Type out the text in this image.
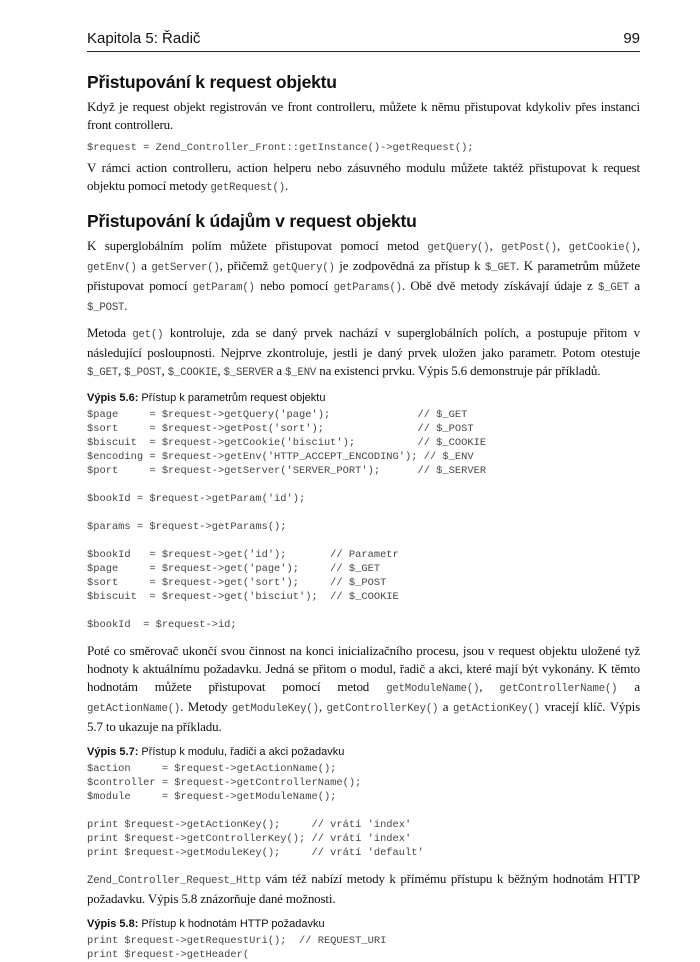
Kapitola 5: Řadič	99
Přistupování k request objektu

Když je request objekt registrován ve front controlleru, můžete k němu přistupovat kdykoliv přes instanci front controlleru.

$request = Zend_Controller_Front::getInstance()->getRequest();

V rámci action controlleru, action helperu nebo zásuvného modulu můžete taktéž přistupovat k request objektu pomocí metody getRequest().

Přistupování k údajům v request objektu

K superglobálním polím můžete přistupovat pomocí metod getQuery(), getPost(), getCookie(), getEnv() a getServer(), přičemž getQuery() je zodpovědná za přístup k $_GET. K parametrům můžete přistupovat pomocí getParam() nebo pomocí getParams(). Obě dvě metody získávají údaje z $_GET a $_POST.

Metoda get() kontroluje, zda se daný prvek nachází v superglobálních polích, a postupuje přitom v následující posloupnosti. Nejprve zkontroluje, jestli je daný prvek uložen jako parametr. Potom otestuje $_GET, $_POST, $_COOKIE, $_SERVER a $_ENV na existenci prvku. Výpis 5.6 demonstruje pár příkladů.

Výpis 5.6: Přístup k parametrům request objektu
$page     = $request->getQuery('page');              // $_GET
$sort     = $request->getPost('sort');               // $_POST
$biscuit  = $request->getCookie('bisciut');          // $_COOKIE
$encoding = $request->getEnv('HTTP_ACCEPT_ENCODING'); // $_ENV
$port     = $request->getServer('SERVER_PORT');      // $_SERVER

$bookId = $request->getParam('id');

$params = $request->getParams();

$bookId   = $request->get('id');       // Parametr
$page     = $request->get('page');     // $_GET
$sort     = $request->get('sort');     // $_POST
$biscuit  = $request->get('bisciut');  // $_COOKIE

$bookId  = $request->id;

Poté co směrovač ukončí svou činnost na konci inicializačního procesu, jsou v request objektu uložené tyž hodnoty k aktuálnímu požadavku. Jedná se přitom o modul, řadič a akci, které mají být vykonány. K těmto hodnotám můžete přistupovat pomocí metod getModuleName(), getControllerName() a getActionName(). Metody getModuleKey(), getControllerKey() a getActionKey() vracejí klíč. Výpis 5.7 to ukazuje na příkladu.

Výpis 5.7: Přístup k modulu, řadiči a akci požadavku
$action     = $request->getActionName();
$controller = $request->getControllerName();
$module     = $request->getModuleName();

print $request->getActionKey();     // vrátí 'index'
print $request->getControllerKey(); // vrátí 'index'
print $request->getModuleKey();     // vrátí 'default'

Zend_Controller_Request_Http vám též nabízí metody k přímému přístupu k běžným hodnotám HTTP požadavku. Výpis 5.8 znázorňuje dané možnosti.

Výpis 5.8: Přístup k hodnotám HTTP požadavku
print $request->getRequestUri();  // REQUEST_URI
print $request->getHeader(
